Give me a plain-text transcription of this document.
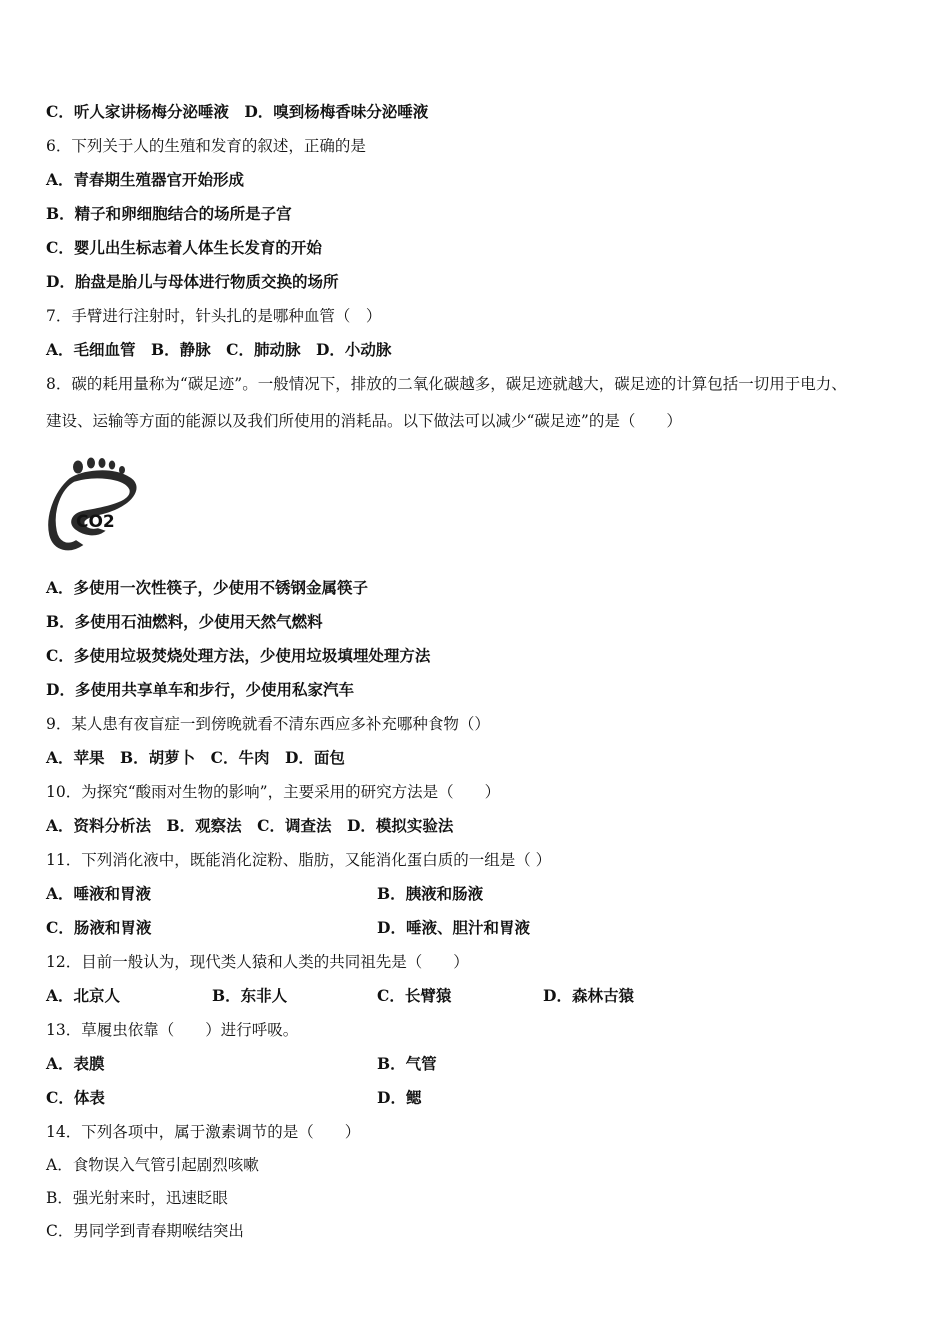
C．听人家讲杨梅分泌唾液　D．嗅到杨梅香味分泌唾液
6．下列关于人的生殖和发育的叙述，正确的是
A．青春期生殖器官开始形成
B．精子和卵细胞结合的场所是子宫
C．婴儿出生标志着人体生长发育的开始
D．胎盘是胎儿与母体进行物质交换的场所
7．手臂进行注射时，针头扎的是哪种血管（　）
A．毛细血管　B．静脉　C．肺动脉　D．小动脉
8．碳的耗用量称为“碳足迹”。一般情况下，排放的二氧化碳越多，碳足迹就越大，碳足迹的计算包括一切用于电力、
建设、运输等方面的能源以及我们所使用的消耗品。以下做法可以减少“碳足迹”的是（　　）
CO2
A．多使用一次性筷子，少使用不锈钢金属筷子
B．多使用石油燃料，少使用天然气燃料
C．多使用垃圾焚烧处理方法，少使用垃圾填埋处理方法
D．多使用共享单车和步行，少使用私家汽车
9．某人患有夜盲症一到傍晚就看不清东西应多补充哪种食物（）
A．苹果　B．胡萝卜　C．牛肉　D．面包
10．为探究“酸雨对生物的影响”，主要采用的研究方法是（　　）
A．资料分析法　B．观察法　C．调查法　D．模拟实验法
11．下列消化液中，既能消化淀粉、脂肪，又能消化蛋白质的一组是（ ）
A．唾液和胃液	B．胰液和肠液
C．肠液和胃液	D．唾液、胆汁和胃液
12．目前一般认为，现代类人猿和人类的共同祖先是（　　）
A．北京人	B．东非人	C．长臂猿	D．森林古猿
13．草履虫依靠（　　）进行呼吸。
A．表膜	B．气管
C．体表	D．鳃
14．下列各项中，属于激素调节的是（　　）
A．食物误入气管引起剧烈咳嗽
B．强光射来时，迅速眨眼
C．男同学到青春期喉结突出
